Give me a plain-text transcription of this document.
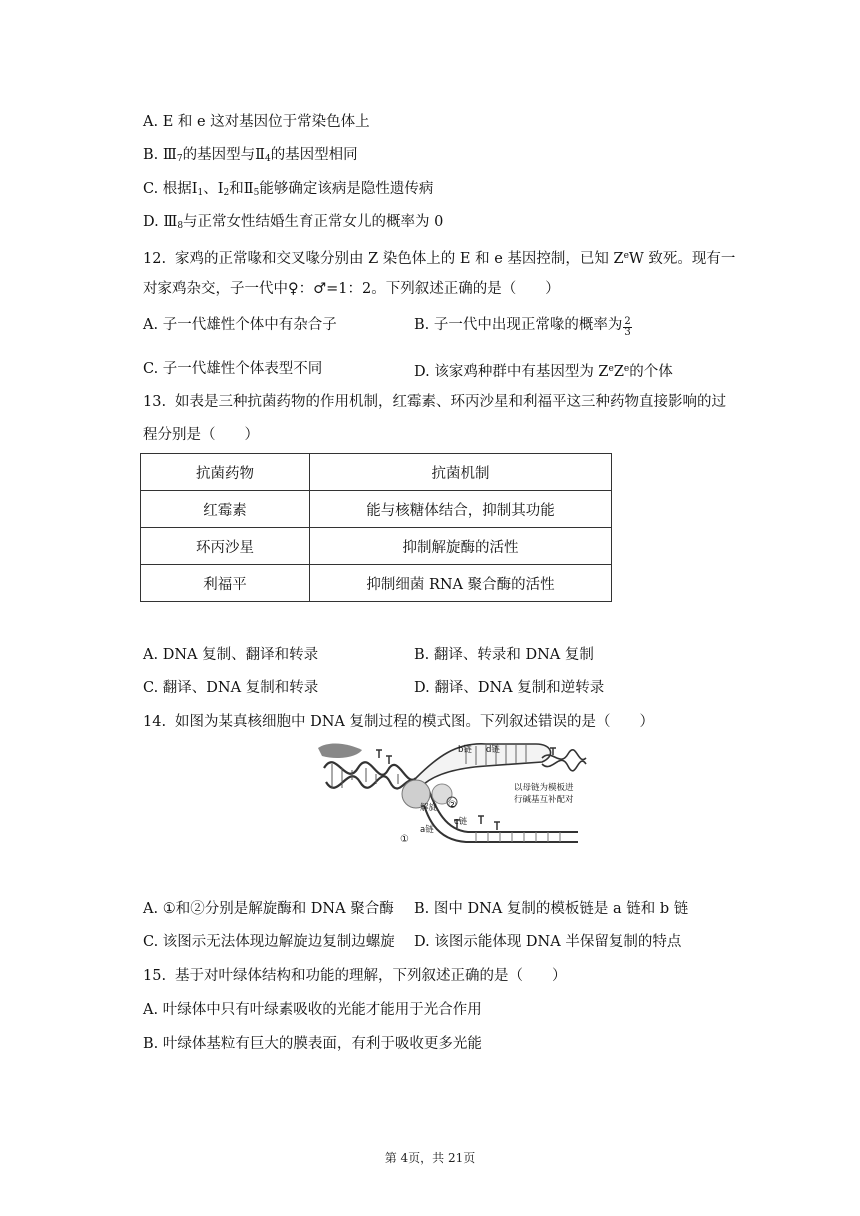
A. E 和 e 这对基因位于常染色体上
B. $Ⅲ_7$的基因型与$Ⅱ_4$的基因型相同
C. 根据$Ⅰ_1$、$Ⅰ_2$和$Ⅱ_5$能够确定该病是隐性遗传病
D. $Ⅲ_8$与正常女性结婚生育正常女儿的概率为 0
12. 家鸡的正常喙和交叉喙分别由 Z 染色体上的 E 和 e 基因控制，已知 $Z^eW$ 致死。现有一
对家鸡杂交，子一代中♀：♂=1：2。下列叙述正确的是（　　）
A. 子一代雄性个体中有杂合子	B. 子一代中出现正常喙的概率为 $\frac{2}{3}$
C. 子一代雄性个体表型不同	D. 该家鸡种群中有基因型为 $Z^eZ^e$的个体
13. 如表是三种抗菌药物的作用机制，红霉素、环丙沙星和利福平这三种药物直接影响的过
程分别是（　　）
抗菌药物	抗菌机制
红霉素	能与核糖体结合，抑制其功能
环丙沙星	抑制解旋酶的活性
利福平	抑制细菌 RNA 聚合酶的活性
A. DNA 复制、翻译和转录	B. 翻译、转录和 DNA 复制
C. 翻译、DNA 复制和转录	D. 翻译、DNA 复制和逆转录
14. 如图为某真核细胞中 DNA 复制过程的模式图。下列叙述错误的是（　　）
b链 d链
解旋
c链
a链
①
②
以母链为模板进
行碱基互补配对
A. ①和②分别是解旋酶和 DNA 聚合酶 B. 图中 DNA 复制的模板链是 a 链和 b 链
C. 该图示无法体现边解旋边复制边螺旋 D. 该图示能体现 DNA 半保留复制的特点
15. 基于对叶绿体结构和功能的理解，下列叙述正确的是（　　）
A. 叶绿体中只有叶绿素吸收的光能才能用于光合作用
B. 叶绿体基粒有巨大的膜表面，有利于吸收更多光能
第 4页，共 21页
